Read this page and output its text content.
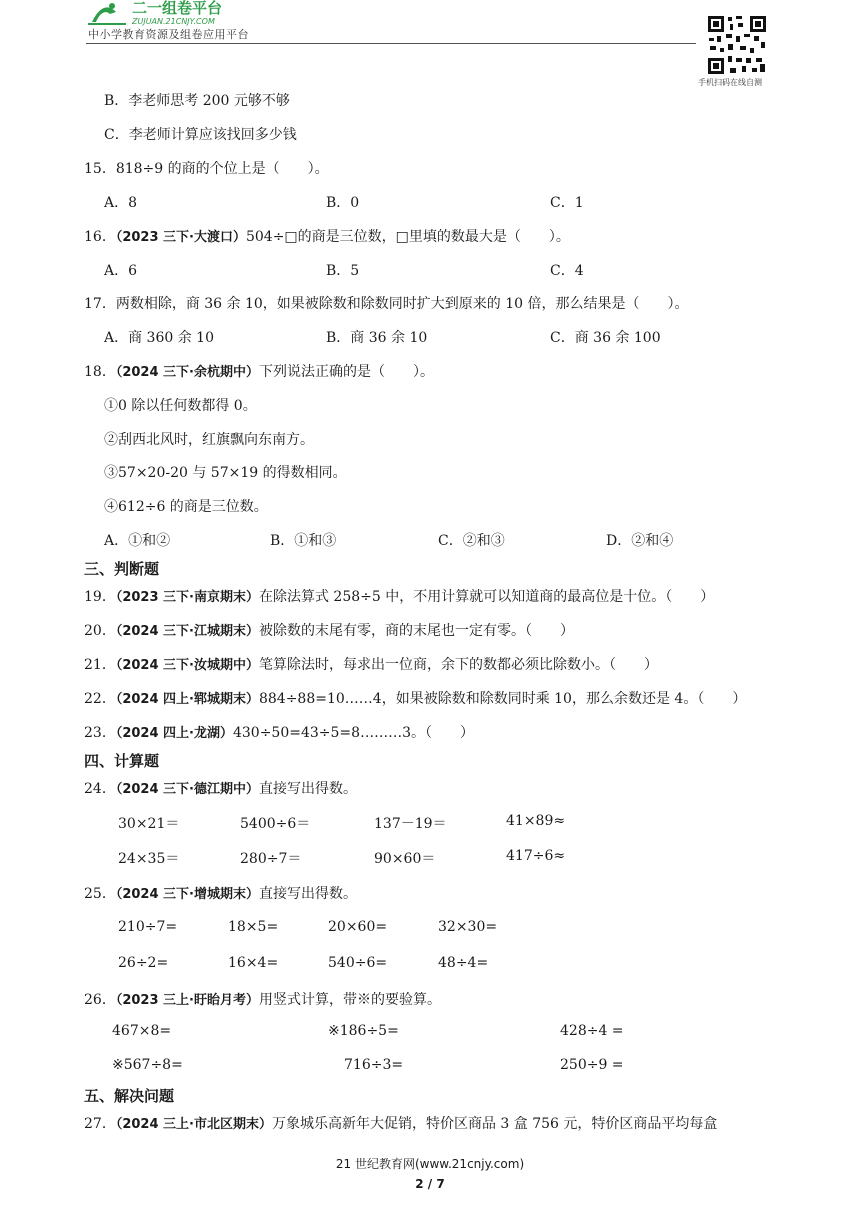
二一组卷平台
ZUJUAN.21CNJY.COM
中小学教育资源及组卷应用平台
手机扫码在线自测
B．李老师思考 200 元够不够
C．李老师计算应该找回多少钱
15．818÷9 的商的个位上是（　　）。
A．8	B．0	C．1
16．（2023 三下·大渡口）504÷□的商是三位数，□里填的数最大是（　　）。
A．6	B．5	C．4
17．两数相除，商 36 余 10，如果被除数和除数同时扩大到原来的 10 倍，那么结果是（　　）。
A．商 360 余 10	B．商 36 余 10	C．商 36 余 100
18．（2024 三下·余杭期中）下列说法正确的是（　　）。
①0 除以任何数都得 0。
②刮西北风时，红旗飘向东南方。
③57×20-20 与 57×19 的得数相同。
④612÷6 的商是三位数。
A．①和②	B．①和③	C．②和③	D．②和④
三、判断题
19．（2023 三下·南京期末）在除法算式 258÷5 中，不用计算就可以知道商的最高位是十位。（　　）
20．（2024 三下·江城期末）被除数的末尾有零，商的末尾也一定有零。（　　）
21．（2024 三下·汝城期中）笔算除法时，每求出一位商，余下的数都必须比除数小。（　　）
22．（2024 四上·郓城期末）884÷88=10……4，如果被除数和除数同时乘 10，那么余数还是 4。（　　）
23．（2024 四上·龙湖）430÷50=43÷5=8………3。（　　）
四、计算题
24．（2024 三下·德江期中）直接写出得数。
30×21＝	5400÷6＝	137－19＝	41×89≈
24×35＝	280÷7＝	90×60＝	417÷6≈
25．（2024 三下·增城期末）直接写出得数。
210÷7=	18×5=	20×60=	32×30=
26÷2=	16×4=	540÷6=	48÷4=
26．（2023 三上·盱眙月考）用竖式计算，带※的要验算。
467×8=	※186÷5=	428÷4 =
※567÷8=	716÷3=	250÷9 =
五、解决问题
27．（2024 三上·市北区期末）万象城乐高新年大促销，特价区商品 3 盒 756 元，特价区商品平均每盒
21 世纪教育网(www.21cnjy.com)
2 / 7
